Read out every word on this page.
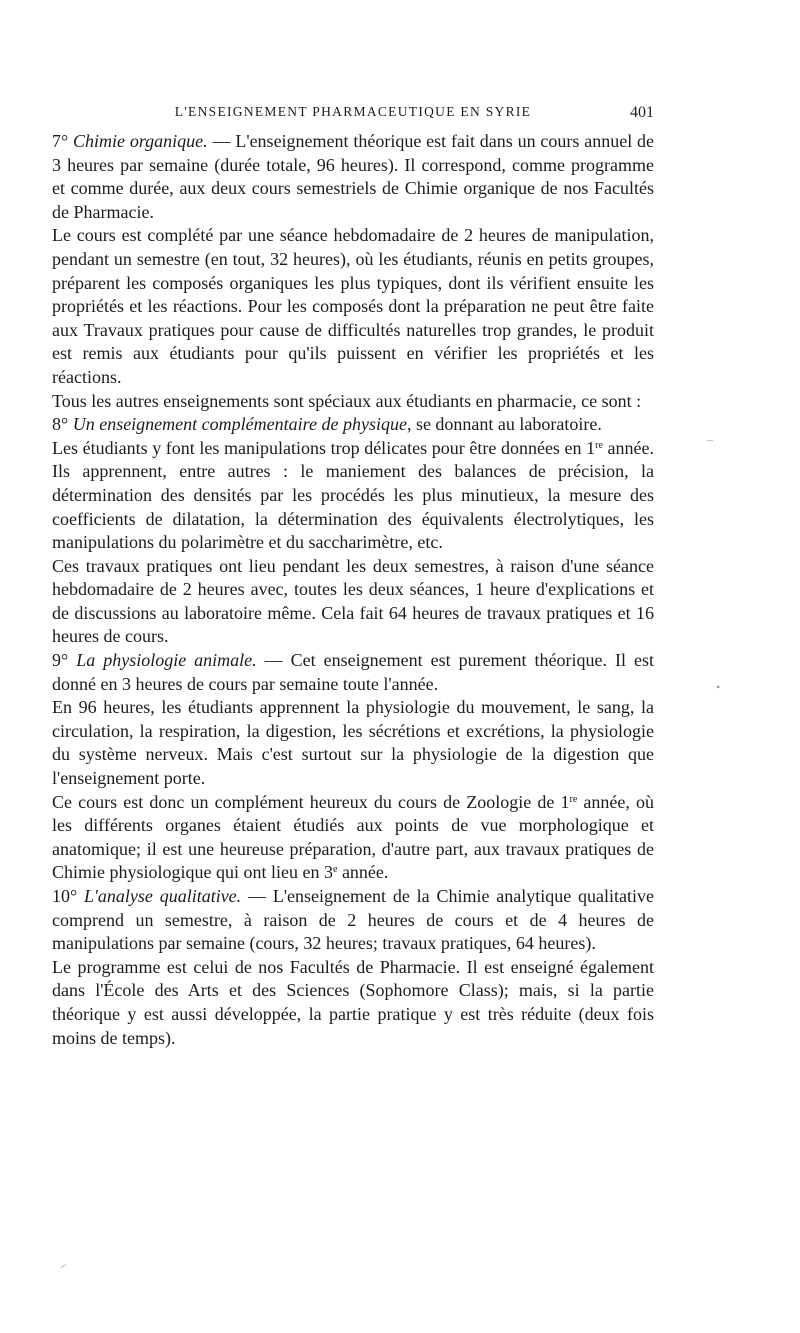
L'ENSEIGNEMENT PHARMACEUTIQUE EN SYRIE	401

7° Chimie organique. — L'enseignement théorique est fait dans un cours annuel de 3 heures par semaine (durée totale, 96 heures). Il correspond, comme programme et comme durée, aux deux cours semestriels de Chimie organique de nos Facultés de Pharmacie.

Le cours est complété par une séance hebdomadaire de 2 heures de manipulation, pendant un semestre (en tout, 32 heures), où les étudiants, réunis en petits groupes, préparent les composés organiques les plus typiques, dont ils vérifient ensuite les propriétés et les réactions. Pour les composés dont la préparation ne peut être faite aux Travaux pratiques pour cause de difficultés naturelles trop grandes, le produit est remis aux étudiants pour qu'ils puissent en vérifier les propriétés et les réactions.

Tous les autres enseignements sont spéciaux aux étudiants en pharmacie, ce sont :

8° Un enseignement complémentaire de physique, se donnant au laboratoire.

Les étudiants y font les manipulations trop délicates pour être données en 1re année. Ils apprennent, entre autres : le maniement des balances de précision, la détermination des densités par les procédés les plus minutieux, la mesure des coefficients de dilatation, la détermination des équivalents électrolytiques, les manipulations du polarimètre et du saccharimètre, etc.

Ces travaux pratiques ont lieu pendant les deux semestres, à raison d'une séance hebdomadaire de 2 heures avec, toutes les deux séances, 1 heure d'explications et de discussions au laboratoire même. Cela fait 64 heures de travaux pratiques et 16 heures de cours.

9° La physiologie animale. — Cet enseignement est purement théorique. Il est donné en 3 heures de cours par semaine toute l'année.

En 96 heures, les étudiants apprennent la physiologie du mouvement, le sang, la circulation, la respiration, la digestion, les sécrétions et excrétions, la physiologie du système nerveux. Mais c'est surtout sur la physiologie de la digestion que l'enseignement porte.

Ce cours est donc un complément heureux du cours de Zoologie de 1re année, où les différents organes étaient étudiés aux points de vue morphologique et anatomique; il est une heureuse préparation, d'autre part, aux travaux pratiques de Chimie physiologique qui ont lieu en 3e année.

10° L'analyse qualitative. — L'enseignement de la Chimie analytique qualitative comprend un semestre, à raison de 2 heures de cours et de 4 heures de manipulations par semaine (cours, 32 heures; travaux pratiques, 64 heures).

Le programme est celui de nos Facultés de Pharmacie. Il est enseigné également dans l'École des Arts et des Sciences (Sophomore Class); mais, si la partie théorique y est aussi développée, la partie pratique y est très réduite (deux fois moins de temps).

–
•
–
